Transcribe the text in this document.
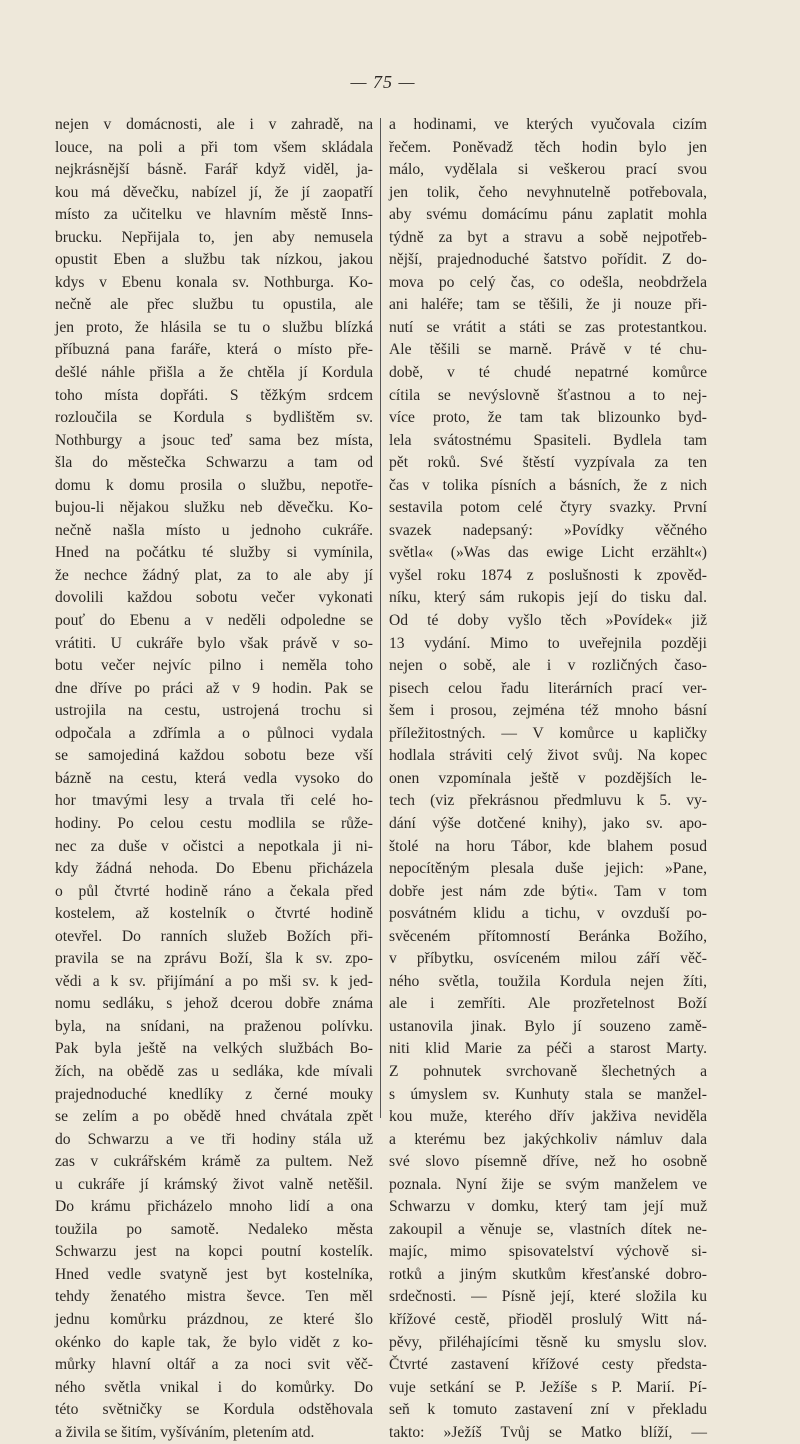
— 75 —
nejen v domácnosti, ale i v zahradě, na
louce, na poli a při tom všem skládala
nejkrásnější básně. Farář když viděl, ja-
kou má děvečku, nabízel jí, že jí zaopatří
místo za učitelku ve hlavním městě Inns-
brucku. Nepřijala to, jen aby nemusela
opustit Eben a službu tak nízkou, jakou
kdys v Ebenu konala sv. Nothburga. Ko-
nečně ale přec službu tu opustila, ale
jen proto, že hlásila se tu o službu blízká
příbuzná pana faráře, která o místo pře-
dešlé náhle přišla a že chtěla jí Kordula
toho místa dopřáti. S těžkým srdcem
rozloučila se Kordula s bydlištěm sv.
Nothburgy a jsouc teď sama bez místa,
šla do městečka Schwarzu a tam od
domu k domu prosila o službu, nepotře-
bujou-li nějakou služku neb děvečku. Ko-
nečně našla místo u jednoho cukráře.
Hned na počátku té služby si vymínila,
že nechce žádný plat, za to ale aby jí
dovolili každou sobotu večer vykonati
pouť do Ebenu a v neděli odpoledne se
vrátiti. U cukráře bylo však právě v so-
botu večer nejvíc pilno i neměla toho
dne dříve po práci až v 9 hodin. Pak se
ustrojila na cestu, ustrojená trochu si
odpočala a zdřímla a o půlnoci vydala
se samojediná každou sobotu beze vší
bázně na cestu, která vedla vysoko do
hor tmavými lesy a trvala tři celé ho-
hodiny. Po celou cestu modlila se růže-
nec za duše v očistci a nepotkala ji ni-
kdy žádná nehoda. Do Ebenu přicházela
o půl čtvrté hodině ráno a čekala před
kostelem, až kostelník o čtvrté hodině
otevřel. Do ranních služeb Božích při-
pravila se na zprávu Boží, šla k sv. zpo-
vědi a k sv. přijímání a po mši sv. k jed-
nomu sedláku, s jehož dcerou dobře známa
byla, na snídani, na praženou polívku.
Pak byla ještě na velkých službách Bo-
žích, na obědě zas u sedláka, kde mívali
prajednoduché knedlíky z černé mouky
se zelím a po obědě hned chvátala zpět
do Schwarzu a ve tři hodiny stála už
zas v cukrářském krámě za pultem. Než
u cukráře jí krámský život valně netěšil.
Do krámu přicházelo mnoho lidí a ona
toužila po samotě. Nedaleko města
Schwarzu jest na kopci poutní kostelík.
Hned vedle svatyně jest byt kostelníka,
tehdy ženatého mistra ševce. Ten měl
jednu komůrku prázdnou, ze které šlo
okénko do kaple tak, že bylo vidět z ko-
můrky hlavní oltář a za noci svit věč-
ného světla vnikal i do komůrky. Do
této světničky se Kordula odstěhovala
a živila se šitím, vyšíváním, pletením atd.
a hodinami, ve kterých vyučovala cizím
řečem. Poněvadž těch hodin bylo jen
málo, vydělala si veškerou prací svou
jen tolik, čeho nevyhnutelně potřebovala,
aby svému domácímu pánu zaplatit mohla
týdně za byt a stravu a sobě nejpotřeb-
nější, prajednoduché šatstvo pořídit. Z do-
mova po celý čas, co odešla, neobdržela
ani haléře; tam se těšili, že ji nouze při-
nutí se vrátit a státi se zas protestantkou.
Ale těšili se marně. Právě v té chu-
době, v té chudé nepatrné komůrce
cítila se nevýslovně šťastnou a to nej-
více proto, že tam tak blizounko byd-
lela svátostnému Spasiteli. Bydlela tam
pět roků. Své štěstí vyzpívala za ten
čas v tolika písních a básních, že z nich
sestavila potom celé čtyry svazky. První
svazek nadepsaný: »Povídky věčného
světla« (»Was das ewige Licht erzählt«)
vyšel roku 1874 z poslušnosti k zpověd-
níku, který sám rukopis její do tisku dal.
Od té doby vyšlo těch »Povídek« již
13 vydání. Mimo to uveřejnila později
nejen o sobě, ale i v rozličných časo-
pisech celou řadu literárních prací ver-
šem i prosou, zejména též mnoho básní
příležitostných. — V komůrce u kapličky
hodlala stráviti celý život svůj. Na kopec
onen vzpomínala ještě v pozdějších le-
tech (viz překrásnou předmluvu k 5. vy-
dání výše dotčené knihy), jako sv. apo-
štolé na horu Tábor, kde blahem posud
nepocítěným plesala duše jejich: »Pane,
dobře jest nám zde býti«. Tam v tom
posvátném klidu a tichu, v ovzduší po-
svěceném přítomností Beránka Božího,
v příbytku, osvíceném milou září věč-
ného světla, toužila Kordula nejen žíti,
ale i zemříti. Ale prozřetelnost Boží
ustanovila jinak. Bylo jí souzeno zamě-
niti klid Marie za péči a starost Marty.
Z pohnutek svrchovaně šlechetných a
s úmyslem sv. Kunhuty stala se manžel-
kou muže, kterého dřív jakživa neviděla
a kterému bez jakýchkoliv námluv dala
své slovo písemně dříve, než ho osobně
poznala. Nyní žije se svým manželem ve
Schwarzu v domku, který tam její muž
zakoupil a věnuje se, vlastních dítek ne-
majíc, mimo spisovatelství výchově si-
rotků a jiným skutkům křesťanské dobro-
srdečnosti. — Písně její, které složila ku
křížové cestě, přioděl proslulý Witt ná-
pěvy, přiléhajícími těsně ku smyslu slov.
Čtvrté zastavení křížové cesty předsta-
vuje setkání se P. Ježíše s P. Marií. Pí-
seň k tomuto zastavení zní v překladu
takto: »Ježíš Tvůj se Matko blíží, —
